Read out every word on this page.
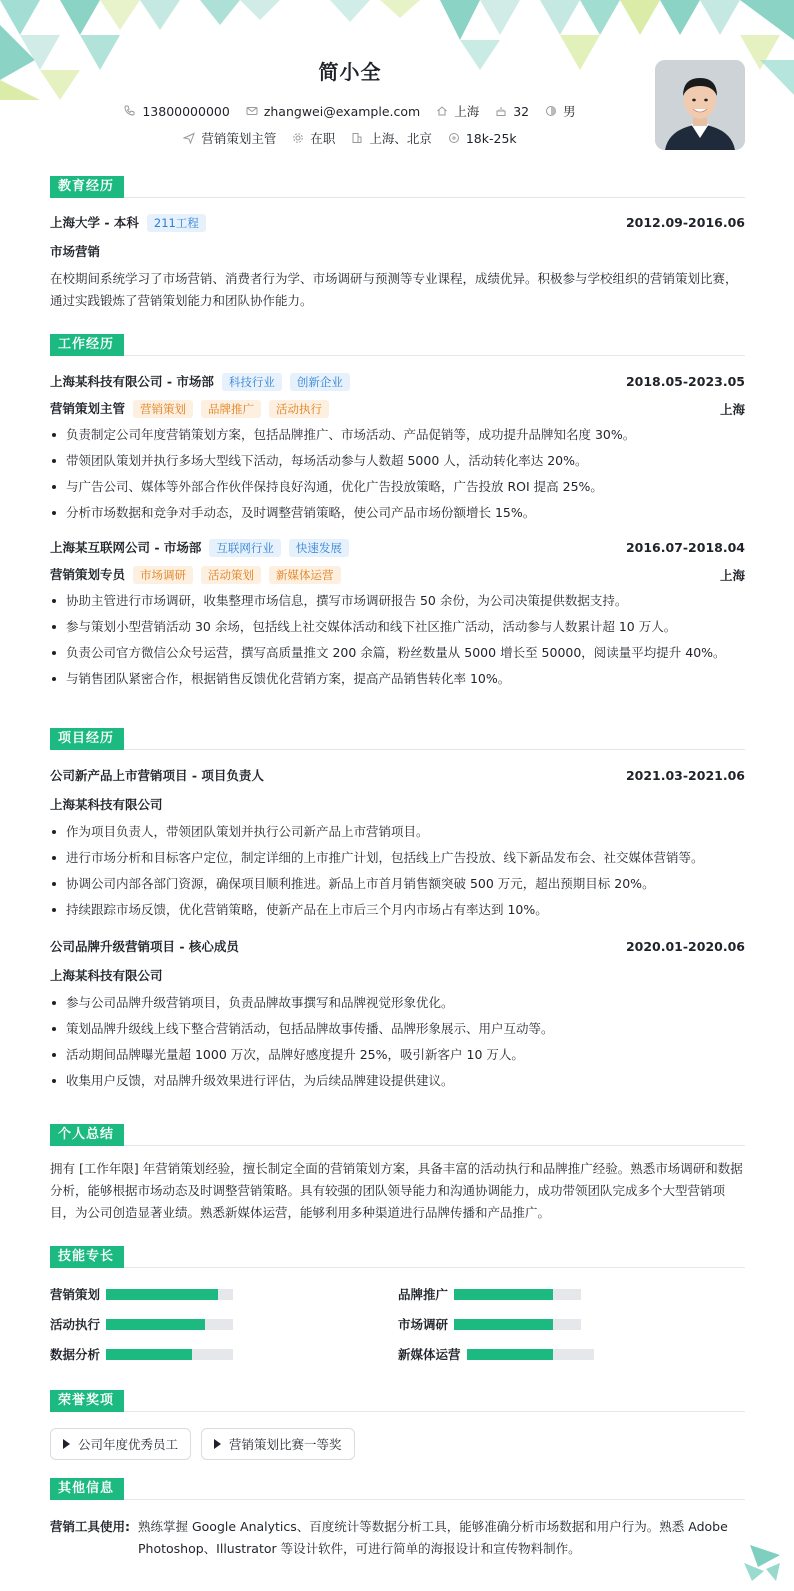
简小全
13800000000	zhangwei@example.com	上海	32	男
营销策划主管	在职	上海、北京	18k-25k
教育经历
上海大学 - 本科 211工程	2012.09-2016.06
市场营销
在校期间系统学习了市场营销、消费者行为学、市场调研与预测等专业课程，成绩优异。积极参与学校组织的营销策划比赛，通过实践锻炼了营销策划能力和团队协作能力。
工作经历
上海某科技有限公司 - 市场部 科技行业 创新企业	2018.05-2023.05
营销策划主管 营销策划 品牌推广 活动执行	上海
负责制定公司年度营销策划方案，包括品牌推广、市场活动、产品促销等，成功提升品牌知名度 30%。
带领团队策划并执行多场大型线下活动，每场活动参与人数超 5000 人，活动转化率达 20%。
与广告公司、媒体等外部合作伙伴保持良好沟通，优化广告投放策略，广告投放 ROI 提高 25%。
分析市场数据和竞争对手动态，及时调整营销策略，使公司产品市场份额增长 15%。
上海某互联网公司 - 市场部 互联网行业 快速发展	2016.07-2018.04
营销策划专员 市场调研 活动策划 新媒体运营	上海
协助主管进行市场调研，收集整理市场信息，撰写市场调研报告 50 余份，为公司决策提供数据支持。
参与策划小型营销活动 30 余场，包括线上社交媒体活动和线下社区推广活动，活动参与人数累计超 10 万人。
负责公司官方微信公众号运营，撰写高质量推文 200 余篇，粉丝数量从 5000 增长至 50000，阅读量平均提升 40%。
与销售团队紧密合作，根据销售反馈优化营销方案，提高产品销售转化率 10%。
项目经历
公司新产品上市营销项目 - 项目负责人	2021.03-2021.06
上海某科技有限公司
作为项目负责人，带领团队策划并执行公司新产品上市营销项目。
进行市场分析和目标客户定位，制定详细的上市推广计划，包括线上广告投放、线下新品发布会、社交媒体营销等。
协调公司内部各部门资源，确保项目顺利推进。新品上市首月销售额突破 500 万元，超出预期目标 20%。
持续跟踪市场反馈，优化营销策略，使新产品在上市后三个月内市场占有率达到 10%。
公司品牌升级营销项目 - 核心成员	2020.01-2020.06
上海某科技有限公司
参与公司品牌升级营销项目，负责品牌故事撰写和品牌视觉形象优化。
策划品牌升级线上线下整合营销活动，包括品牌故事传播、品牌形象展示、用户互动等。
活动期间品牌曝光量超 1000 万次，品牌好感度提升 25%，吸引新客户 10 万人。
收集用户反馈，对品牌升级效果进行评估，为后续品牌建设提供建议。
个人总结
拥有 [工作年限] 年营销策划经验，擅长制定全面的营销策划方案，具备丰富的活动执行和品牌推广经验。熟悉市场调研和数据分析，能够根据市场动态及时调整营销策略。具有较强的团队领导能力和沟通协调能力，成功带领团队完成多个大型营销项目，为公司创造显著业绩。熟悉新媒体运营，能够利用多种渠道进行品牌传播和产品推广。
技能专长
营销策划	品牌推广
活动执行	市场调研
数据分析	新媒体运营
荣誉奖项
公司年度优秀员工	营销策划比赛一等奖
其他信息
营销工具使用: 熟练掌握 Google Analytics、百度统计等数据分析工具，能够准确分析市场数据和用户行为。熟悉 Adobe Photoshop、Illustrator 等设计软件，可进行简单的海报设计和宣传物料制作。
